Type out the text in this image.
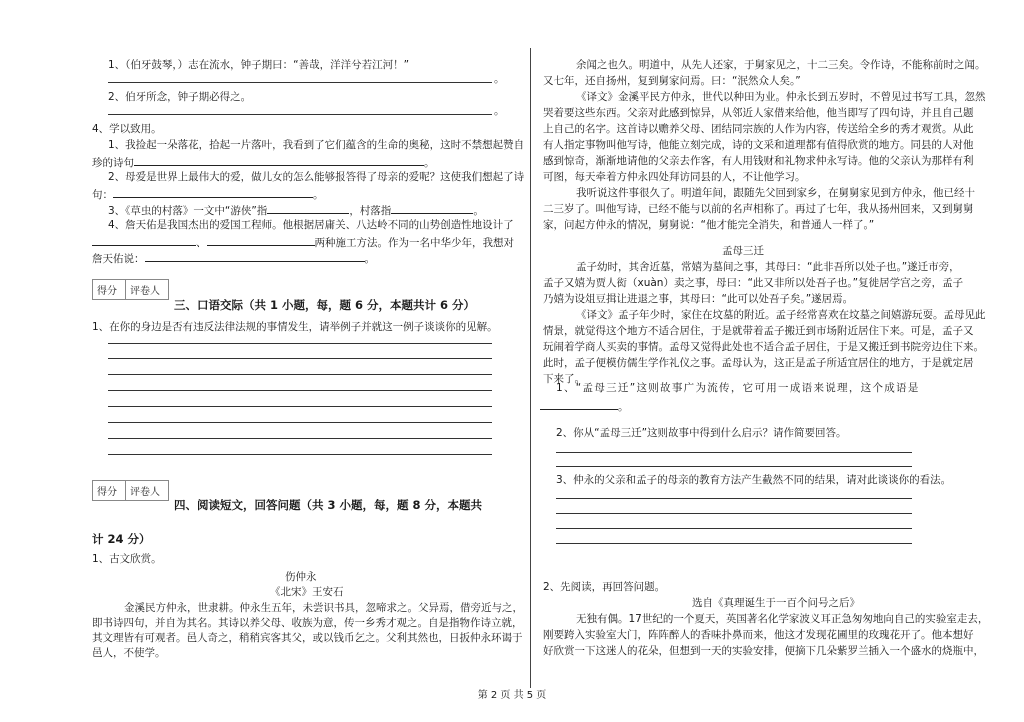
1、（伯牙鼓琴，）志在流水，钟子期曰：“善哉，洋洋兮若江河！”
。
2、伯牙所念，钟子期必得之。
。
4、学以致用。
1、我捡起一朵落花，拾起一片落叶，我看到了它们蕴含的生命的奥秘，这时不禁想起赞自
珍的诗句	。
2、母爱是世界上最伟大的爱，做儿女的怎么能够报答得了母亲的爱呢？这使我们想起了诗
句：	。
3、《草虫的村落》一文中“游侠”指	，村落指	。
4、詹天佑是我国杰出的爱国工程师。他根据居庸关、八达岭不同的山势创造性地设计了
、	两种施工方法。作为一名中华少年，我想对
詹天佑说：	。
得分	评卷人
三、口语交际（共 1 小题，每，题 6 分，本题共计 6 分）
1、在你的身边是否有违反法律法规的事情发生，请举例子并就这一例子谈谈你的见解。
得分	评卷人
四、阅读短文，回答问题（共 3 小题，每，题 8 分，本题共
计 24 分）
1、古文欣赏。
伤仲永
《北宋》王安石
金溪民方仲永，世隶耕。仲永生五年，未尝识书具，忽啼求之。父异焉，借旁近与之，
即书诗四句，并自为其名。其诗以养父母、收族为意，传一乡秀才观之。自是指物作诗立就，
其文理皆有可观者。邑人奇之，稍稍宾客其父，或以钱币乞之。父利其然也，日扳仲永环谒于
邑人，不使学。
余闻之也久。明道中，从先人还家，于舅家见之，十二三矣。令作诗，不能称前时之闻。
又七年，还自扬州，复到舅家问焉。曰：“泯然众人矣。”
《译文》金溪平民方仲永，世代以种田为业。仲永长到五岁时，不曾见过书写工具，忽然
哭着要这些东西。父亲对此感到惊异，从邻近人家借来给他，他当即写了四句诗，并且自己题
上自己的名字。这首诗以赡养父母、团结同宗族的人作为内容，传送给全乡的秀才观赏。从此
有人指定事物叫他写诗，他能立刻完成，诗的文采和道理都有值得欣赏的地方。同县的人对他
感到惊奇，渐渐地请他的父亲去作客，有人用钱财和礼物求仲永写诗。他的父亲认为那样有利
可图，每天牵着方仲永四处拜访同县的人，不让他学习。
我听说这件事很久了。明道年间，跟随先父回到家乡，在舅舅家见到方仲永，他已经十
二三岁了。叫他写诗，已经不能与以前的名声相称了。再过了七年，我从扬州回来，又到舅舅
家，问起方仲永的情况，舅舅说：“他才能完全消失，和普通人一样了。”
孟母三迁
孟子幼时，其舍近墓，常嬉为墓间之事，其母曰：“此非吾所以处子也。”遂迁市旁，
孟子又嬉为贾人衒（xuàn）卖之事，母曰：“此又非所以处吾子也。”复徙居学宫之旁，孟子
乃嬉为设俎豆揖让进退之事，其母曰：“此可以处吾子矣。”遂居焉。
《译文》孟子年少时，家住在坟墓的附近。孟子经常喜欢在坟墓之间嬉游玩耍。孟母见此
情景，就觉得这个地方不适合居住，于是就带着孟子搬迁到市场附近居住下来。可是，孟子又
玩闹着学商人买卖的事情。孟母又觉得此处也不适合孟子居住，于是又搬迁到书院旁边住下来。
此时，孟子便模仿儒生学作礼仪之事。孟母认为，这正是孟子所适宜居住的地方，于是就定居
下来了。
1、“孟母三迁”这则故事广为流传，它可用一成语来说理，这个成语是
。
2、你从“孟母三迁”这则故事中得到什么启示？请作简要回答。
3、仲永的父亲和孟子的母亲的教育方法产生截然不同的结果，请对此谈谈你的看法。
2、先阅读，再回答问题。
选自《真理诞生于一百个问号之后》
无独有偶。17世纪的一个夏天，英国著名化学家波义耳正急匆匆地向自己的实验室走去，
刚要跨入实验室大门，阵阵醉人的香味扑鼻而来，他这才发现花圃里的玫瑰花开了。他本想好
好欣赏一下这迷人的花朵，但想到一天的实验安排，便摘下几朵紫罗兰插入一个盛水的烧瓶中，
第 2 页 共 5 页
